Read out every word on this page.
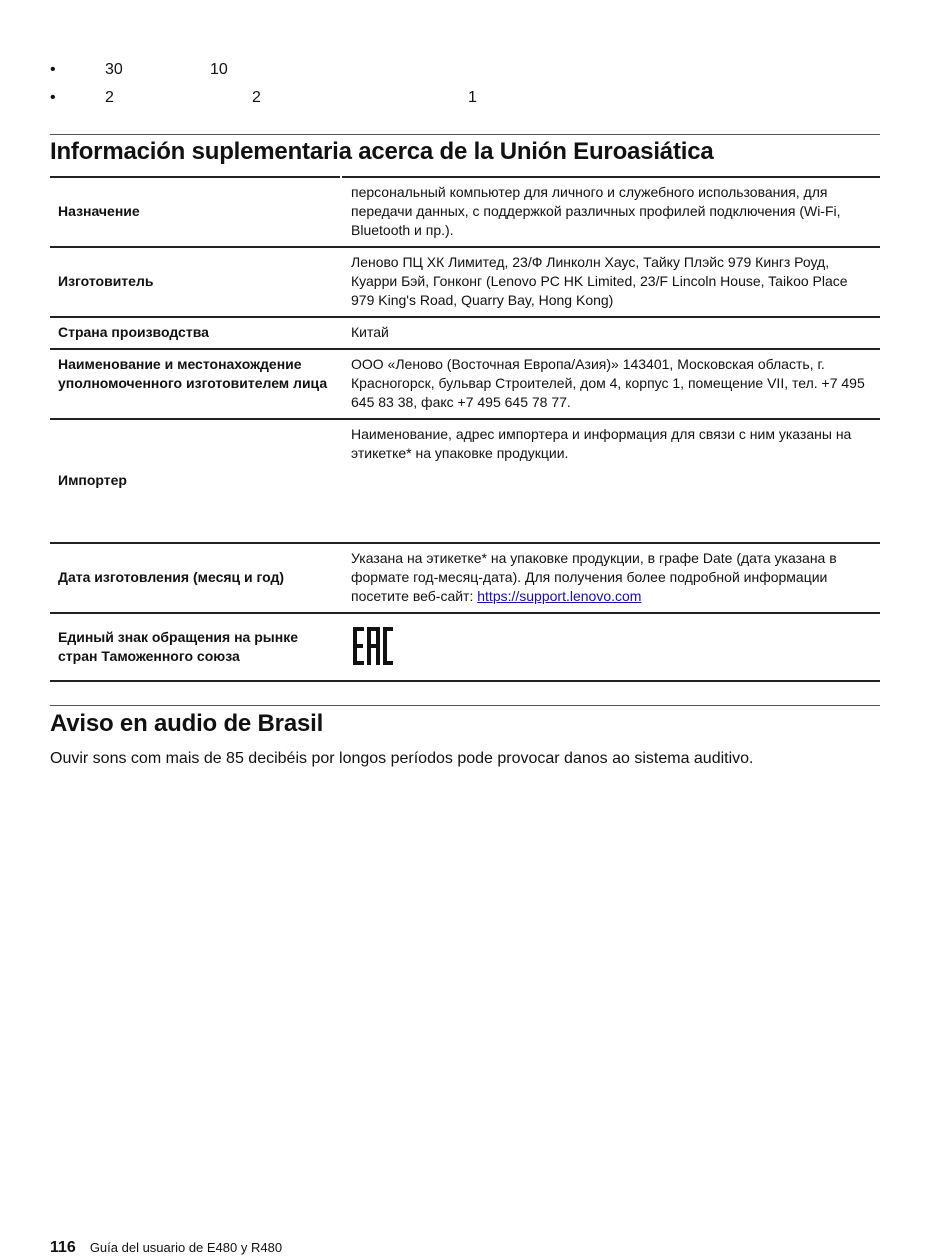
•	30	10
•	2	2	1
Información suplementaria acerca de la Unión Euroasiática
Назначение	персональный компьютер для личного и служебного использования, для передачи данных, с поддержкой различных профилей подключения (Wi-Fi, Bluetooth и пр.).
Изготовитель	Леново ПЦ ХК Лимитед, 23/Ф Линколн Хаус, Тайку Плэйс 979 Кингз Роуд, Куарри Бэй, Гонконг (Lenovo PC HK Limited, 23/F Lincoln House, Taikoo Place 979 King's Road, Quarry Bay, Hong Kong)
Страна производства	Китай
Наименование и местонахождение уполномоченного изготовителем лица	ООО «Леново (Восточная Европа/Азия)» 143401, Московская область, г. Красногорск, бульвар Строителей, дом 4, корпус 1, помещение VII, тел. +7 495 645 83 38, факс +7 495 645 78 77.
Импортер	Наименование, адрес импортера и информация для связи с ним указаны на этикетке* на упаковке продукции.
Дата изготовления (месяц и год)	Указана на этикетке* на упаковке продукции, в графе Date (дата указана в формате год-месяц-дата). Для получения более подробной информации посетите веб-сайт: https://support.lenovo.com
Единый знак обращения на рынке стран Таможенного союза	
Aviso en audio de Brasil
Ouvir sons com mais de 85 decibéis por longos períodos pode provocar danos ao sistema auditivo.
116 Guía del usuario de E480 y R480
